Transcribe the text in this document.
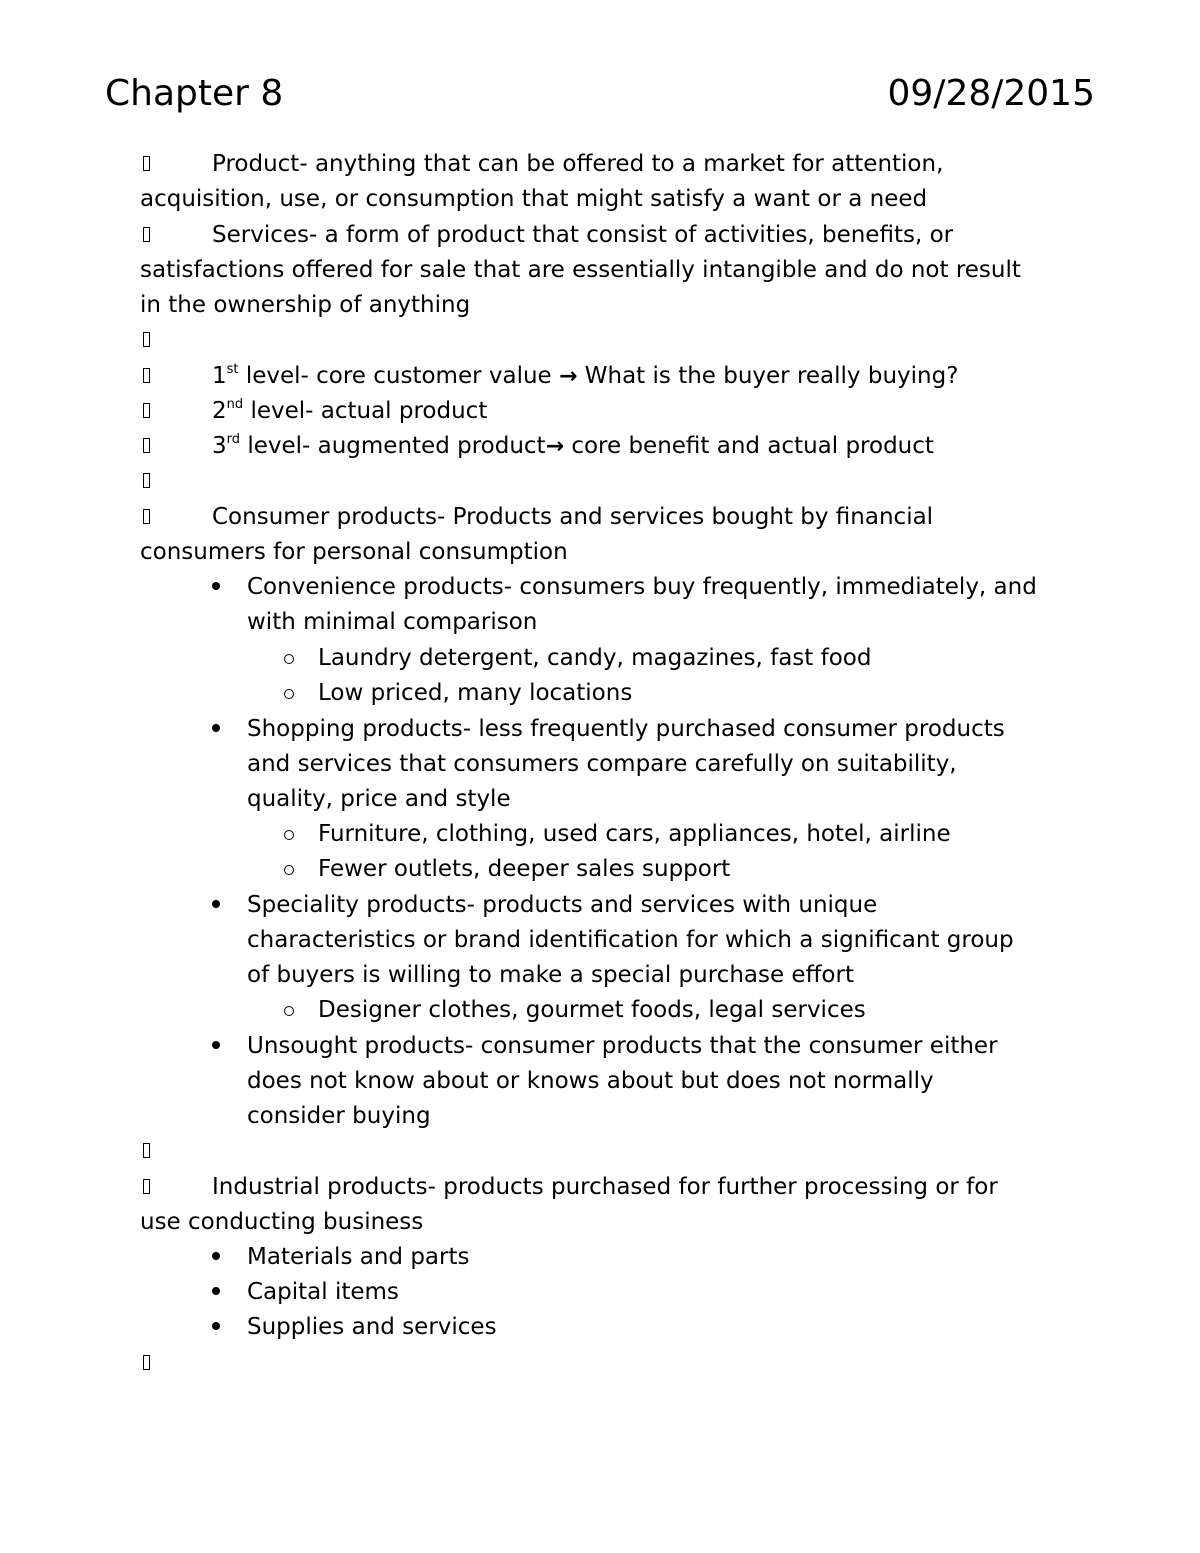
Chapter 8	09/28/2015
Product- anything that can be offered to a market for attention,
acquisition, use, or consumption that might satisfy a want or a need
Services- a form of product that consist of activities, benefits, or
satisfactions offered for sale that are essentially intangible and do not result
in the ownership of anything
1st level- core customer value → What is the buyer really buying?
2nd level- actual product
3rd level- augmented product→ core benefit and actual product
Consumer products- Products and services bought by financial
consumers for personal consumption
Convenience products- consumers buy frequently, immediately, and
with minimal comparison
Laundry detergent, candy, magazines, fast food
Low priced, many locations
Shopping products- less frequently purchased consumer products
and services that consumers compare carefully on suitability,
quality, price and style
Furniture, clothing, used cars, appliances, hotel, airline
Fewer outlets, deeper sales support
Speciality products- products and services with unique
characteristics or brand identification for which a significant group
of buyers is willing to make a special purchase effort
Designer clothes, gourmet foods, legal services
Unsought products- consumer products that the consumer either
does not know about or knows about but does not normally
consider buying
Industrial products- products purchased for further processing or for
use conducting business
Materials and parts
Capital items
Supplies and services
